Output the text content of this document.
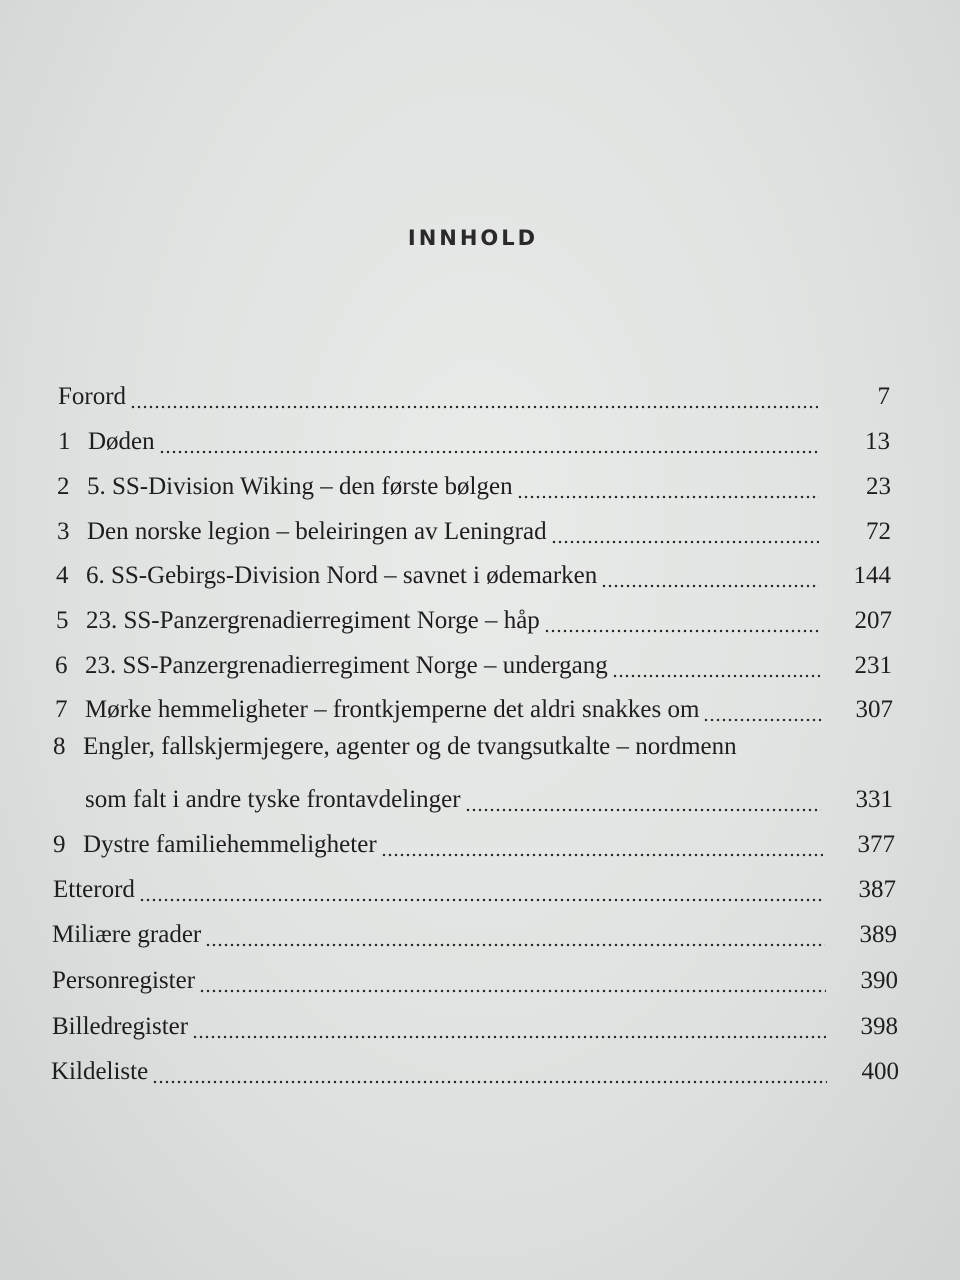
INNHOLD
Forord	7
1 Døden	13
2 5. SS-Division Wiking – den første bølgen	23
3 Den norske legion – beleiringen av Leningrad	72
4 6. SS-Gebirgs-Division Nord – savnet i ødemarken	144
5 23. SS-Panzergrenadierregiment Norge – håp	207
6 23. SS-Panzergrenadierregiment Norge – undergang	231
7 Mørke hemmeligheter – frontkjemperne det aldri snakkes om	307
8 Engler, fallskjermjegere, agenter og de tvangsutkalte – nordmenn
som falt i andre tyske frontavdelinger	331
9 Dystre familiehemmeligheter	377
Etterord	387
Miliære grader	389
Personregister	390
Billedregister	398
Kildeliste	400
